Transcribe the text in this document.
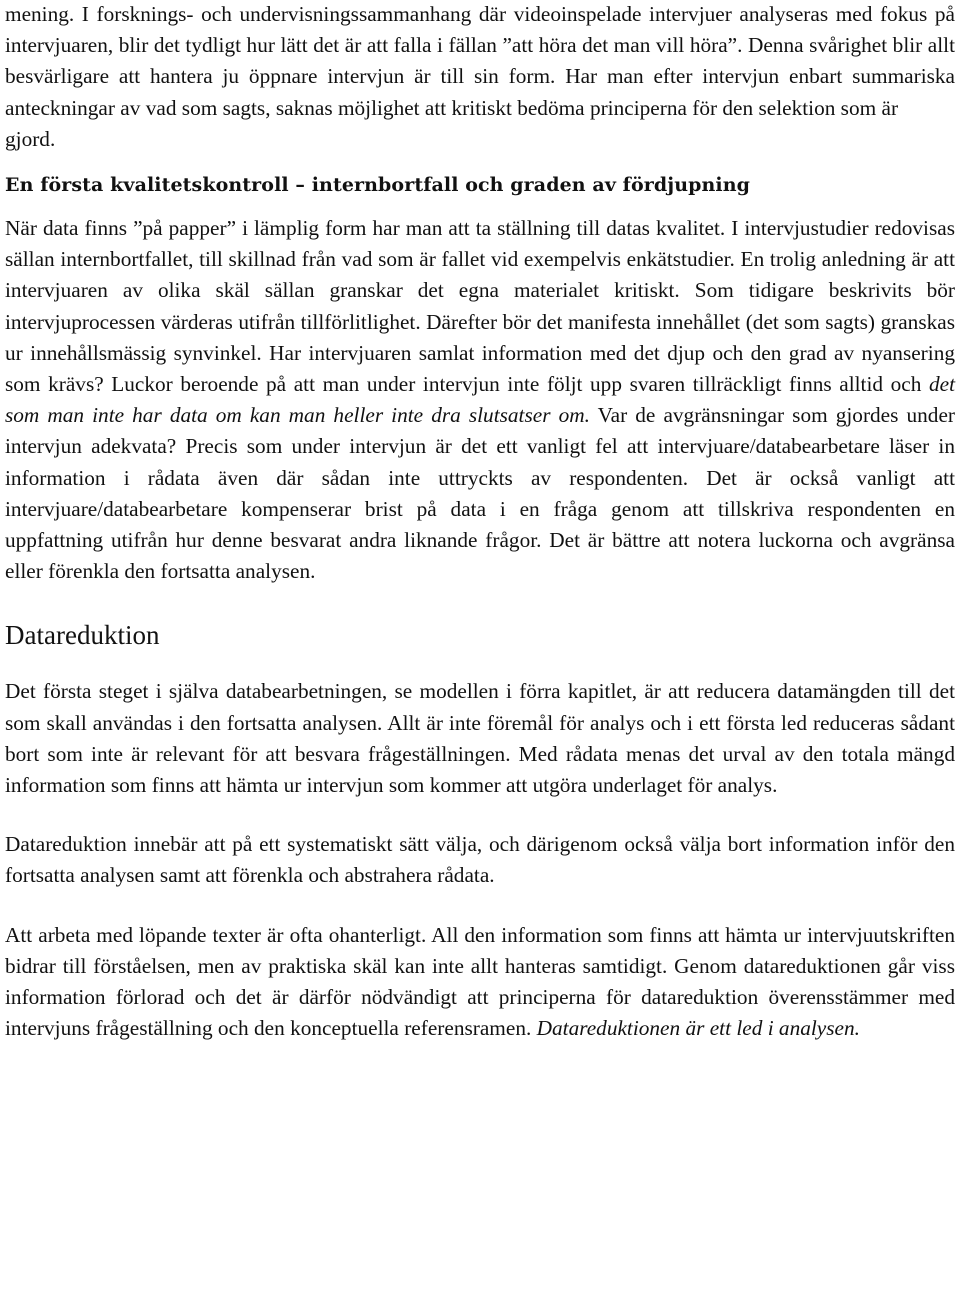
mening. I forsknings- och undervisningssammanhang där videoinspelade intervjuer analyseras med fokus på intervjuaren, blir det tydligt hur lätt det är att falla i fällan ”att höra det man vill höra”. Denna svårighet blir allt besvärligare att hantera ju öppnare intervjun är till sin form. Har man efter intervjun enbart summariska anteckningar av vad som sagts, saknas möjlighet att kritiskt bedöma principerna för den selektion som är

gjord.

En första kvalitetskontroll – internbortfall och graden av fördjupning

När data finns ”på papper” i lämplig form har man att ta ställning till datas kvalitet. I intervjustudier redovisas sällan internbortfallet, till skillnad från vad som är fallet vid exempelvis enkätstudier. En trolig anledning är att intervjuaren av olika skäl sällan granskar det egna materialet kritiskt. Som tidigare beskrivits bör intervjuprocessen värderas utifrån tillförlitlighet. Därefter bör det manifesta innehållet (det som sagts) granskas ur innehållsmässig synvinkel. Har intervjuaren samlat information med det djup och den grad av nyansering som krävs? Luckor beroende på att man under intervjun inte följt upp svaren tillräckligt finns alltid och det som man inte har data om kan man heller inte dra slutsatser om. Var de avgränsningar som gjordes under intervjun adekvata? Precis som under intervjun är det ett vanligt fel att intervjuare/databearbetare läser in information i rådata även där sådan inte uttryckts av respondenten. Det är också vanligt att intervjuare/databearbetare kompenserar brist på data i en fråga genom att tillskriva respondenten en uppfattning utifrån hur denne besvarat andra liknande frågor. Det är bättre att notera luckorna och avgränsa eller förenkla den fortsatta analysen.

Datareduktion

Det första steget i själva databearbetningen, se modellen i förra kapitlet, är att reducera datamängden till det som skall användas i den fortsatta analysen. Allt är inte föremål för analys och i ett första led reduceras sådant bort som inte är relevant för att besvara frågeställningen. Med rådata menas det urval av den totala mängd information som finns att hämta ur intervjun som kommer att utgöra underlaget för analys.

Datareduktion innebär att på ett systematiskt sätt välja, och därigenom också välja bort information inför den fortsatta analysen samt att förenkla och abstrahera rådata.

Att arbeta med löpande texter är ofta ohanterligt. All den information som finns att hämta ur intervjuutskriften bidrar till förståelsen, men av praktiska skäl kan inte allt hanteras samtidigt. Genom datareduktionen går viss information förlorad och det är därför nödvändigt att principerna för datareduktion överensstämmer med intervjuns frågeställning och den konceptuella referensramen. Datareduktionen är ett led i analysen.
